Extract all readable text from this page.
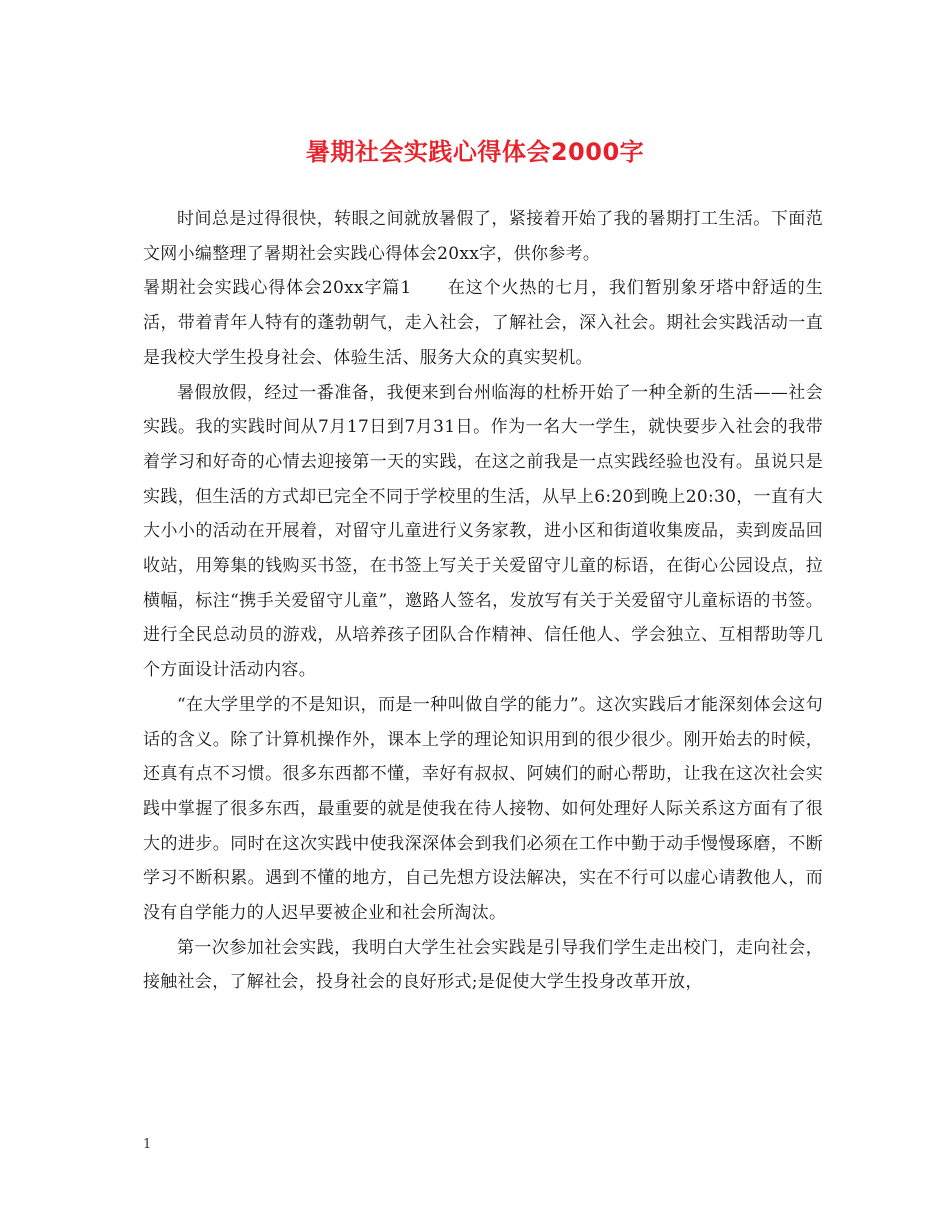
暑期社会实践心得体会2000字

时间总是过得很快，转眼之间就放暑假了，紧接着开始了我的暑期打工生活。下面范文网小编整理了暑期社会实践心得体会20xx字，供你参考。

暑期社会实践心得体会20xx字篇1　　在这个火热的七月，我们暂别象牙塔中舒适的生活，带着青年人特有的蓬勃朝气，走入社会，了解社会，深入社会。期社会实践活动一直是我校大学生投身社会、体验生活、服务大众的真实契机。

暑假放假，经过一番准备，我便来到台州临海的杜桥开始了一种全新的生活——社会实践。我的实践时间从7月17日到7月31日。作为一名大一学生，就快要步入社会的我带着学习和好奇的心情去迎接第一天的实践，在这之前我是一点实践经验也没有。虽说只是实践，但生活的方式却已完全不同于学校里的生活，从早上6:20到晚上20:30，一直有大大小小的活动在开展着，对留守儿童进行义务家教，进小区和街道收集废品，卖到废品回收站，用筹集的钱购买书签，在书签上写关于关爱留守儿童的标语，在街心公园设点，拉横幅，标注“携手关爱留守儿童”，邀路人签名，发放写有关于关爱留守儿童标语的书签。进行全民总动员的游戏，从培养孩子团队合作精神、信任他人、学会独立、互相帮助等几个方面设计活动内容。

“在大学里学的不是知识，而是一种叫做自学的能力”。这次实践后才能深刻体会这句话的含义。除了计算机操作外，课本上学的理论知识用到的很少很少。刚开始去的时候，还真有点不习惯。很多东西都不懂，幸好有叔叔、阿姨们的耐心帮助，让我在这次社会实践中掌握了很多东西，最重要的就是使我在待人接物、如何处理好人际关系这方面有了很大的进步。同时在这次实践中使我深深体会到我们必须在工作中勤于动手慢慢琢磨，不断学习不断积累。遇到不懂的地方，自己先想方设法解决，实在不行可以虚心请教他人，而没有自学能力的人迟早要被企业和社会所淘汰。

第一次参加社会实践，我明白大学生社会实践是引导我们学生走出校门，走向社会，接触社会，了解社会，投身社会的良好形式;是促使大学生投身改革开放，

1
